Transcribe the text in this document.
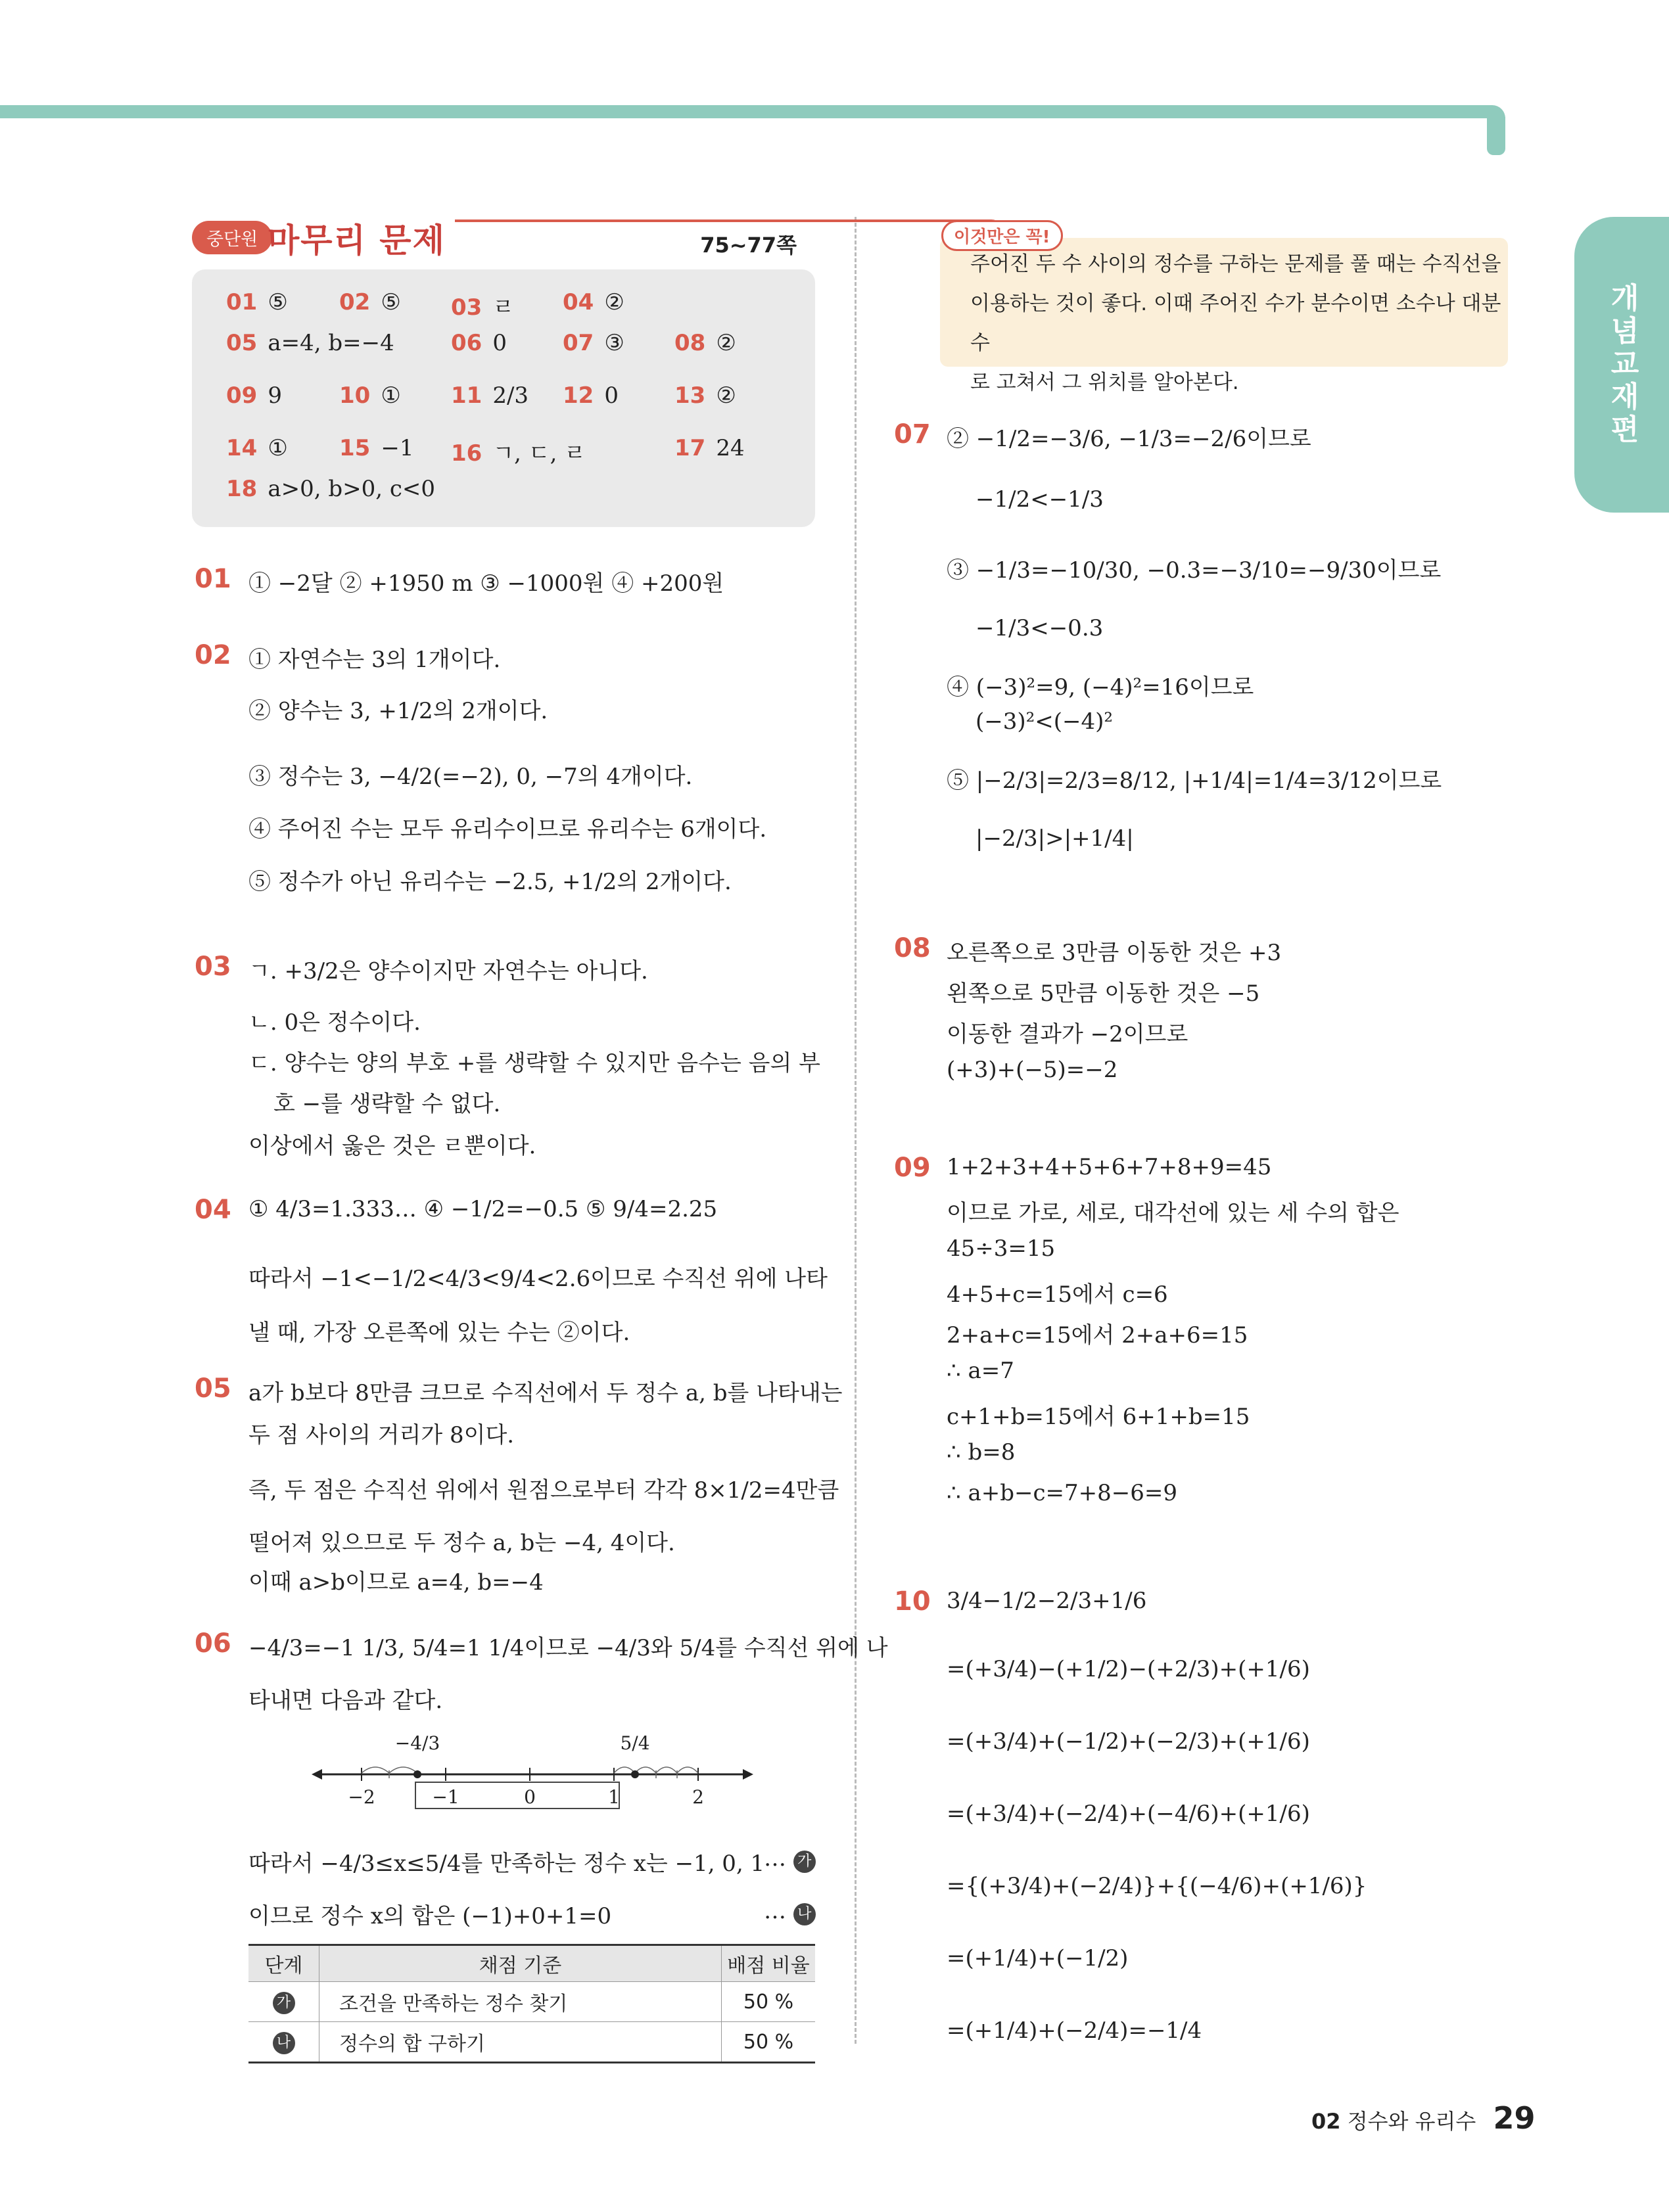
개념교재편
중단원 마무리 문제	75~77쪽
01 ⑤ 02 ⑤ 03 ㄹ 04 ②
05 a=4, b=−4	06 0	07 ③ 08 ②
09 9	10 ① 11 2/3 12 0	13 ②
14 ① 15 −1 16 ㄱ, ㄷ, ㄹ	17 24
18 a>0, b>0, c<0
01 ① −2달 ② +1950 m ③ −1000원 ④ +200원
02 ① 자연수는 3의 1개이다.
② 양수는 3, +1/2의 2개이다.
③ 정수는 3, −4/2(=−2), 0, −7의 4개이다.
④ 주어진 수는 모두 유리수이므로 유리수는 6개이다.
⑤ 정수가 아닌 유리수는 −2.5, +1/2의 2개이다.
03 ㄱ. +3/2은 양수이지만 자연수는 아니다.
ㄴ. 0은 정수이다.
ㄷ. 양수는 양의 부호 +를 생략할 수 있지만 음수는 음의 부
호 −를 생략할 수 없다.
이상에서 옳은 것은 ㄹ뿐이다.
04 ① 4/3=1.333… ④ −1/2=−0.5 ⑤ 9/4=2.25
따라서 −1<−1/2<4/3<9/4<2.6이므로 수직선 위에 나타
낼 때, 가장 오른쪽에 있는 수는 ②이다.
05 a가 b보다 8만큼 크므로 수직선에서 두 정수 a, b를 나타내는
두 점 사이의 거리가 8이다.
즉, 두 점은 수직선 위에서 원점으로부터 각각 8×1/2=4만큼
떨어져 있으므로 두 정수 a, b는 −4, 4이다.
이때 a>b이므로 a=4, b=−4
06 −4/3=−1 1/3, 5/4=1 1/4이므로 −4/3와 5/4를 수직선 위에 나
타내면 다음과 같다.
−2	−1	0	1	2
−4/3	5/4
따라서 −4/3≤x≤5/4를 만족하는 정수 x는 −1, 0, 1
… 가
이므로 정수 x의 합은 (−1)+0+1=0	… 나
단계	채점 기준	배점 비율
가	조건을 만족하는 정수 찾기	50 %
나	정수의 합 구하기	50 %
이것만은 꼭!
주어진 두 수 사이의 정수를 구하는 문제를 풀 때는 수직선을
이용하는 것이 좋다. 이때 주어진 수가 분수이면 소수나 대분수
로 고쳐서 그 위치를 알아본다.
07 ② −1/2=−3/6, −1/3=−2/6이므로
−1/2<−1/3
③ −1/3=−10/30, −0.3=−3/10=−9/30이므로
−1/3<−0.3
④ (−3)²=9, (−4)²=16이므로
(−3)²<(−4)²
⑤ |−2/3|=2/3=8/12, |+1/4|=1/4=3/12이므로
|−2/3|>|+1/4|
08 오른쪽으로 3만큼 이동한 것은 +3
왼쪽으로 5만큼 이동한 것은 −5
이동한 결과가 −2이므로
(+3)+(−5)=−2
09 1+2+3+4+5+6+7+8+9=45
이므로 가로, 세로, 대각선에 있는 세 수의 합은
45÷3=15
4+5+c=15에서 c=6
2+a+c=15에서 2+a+6=15
∴ a=7
c+1+b=15에서 6+1+b=15
∴ b=8
∴ a+b−c=7+8−6=9
10 3/4−1/2−2/3+1/6
=(+3/4)−(+1/2)−(+2/3)+(+1/6)
=(+3/4)+(−1/2)+(−2/3)+(+1/6)
=(+3/4)+(−2/4)+(−4/6)+(+1/6)
={(+3/4)+(−2/4)}+{(−4/6)+(+1/6)}
=(+1/4)+(−1/2)
=(+1/4)+(−2/4)=−1/4
02 정수와 유리수 29
